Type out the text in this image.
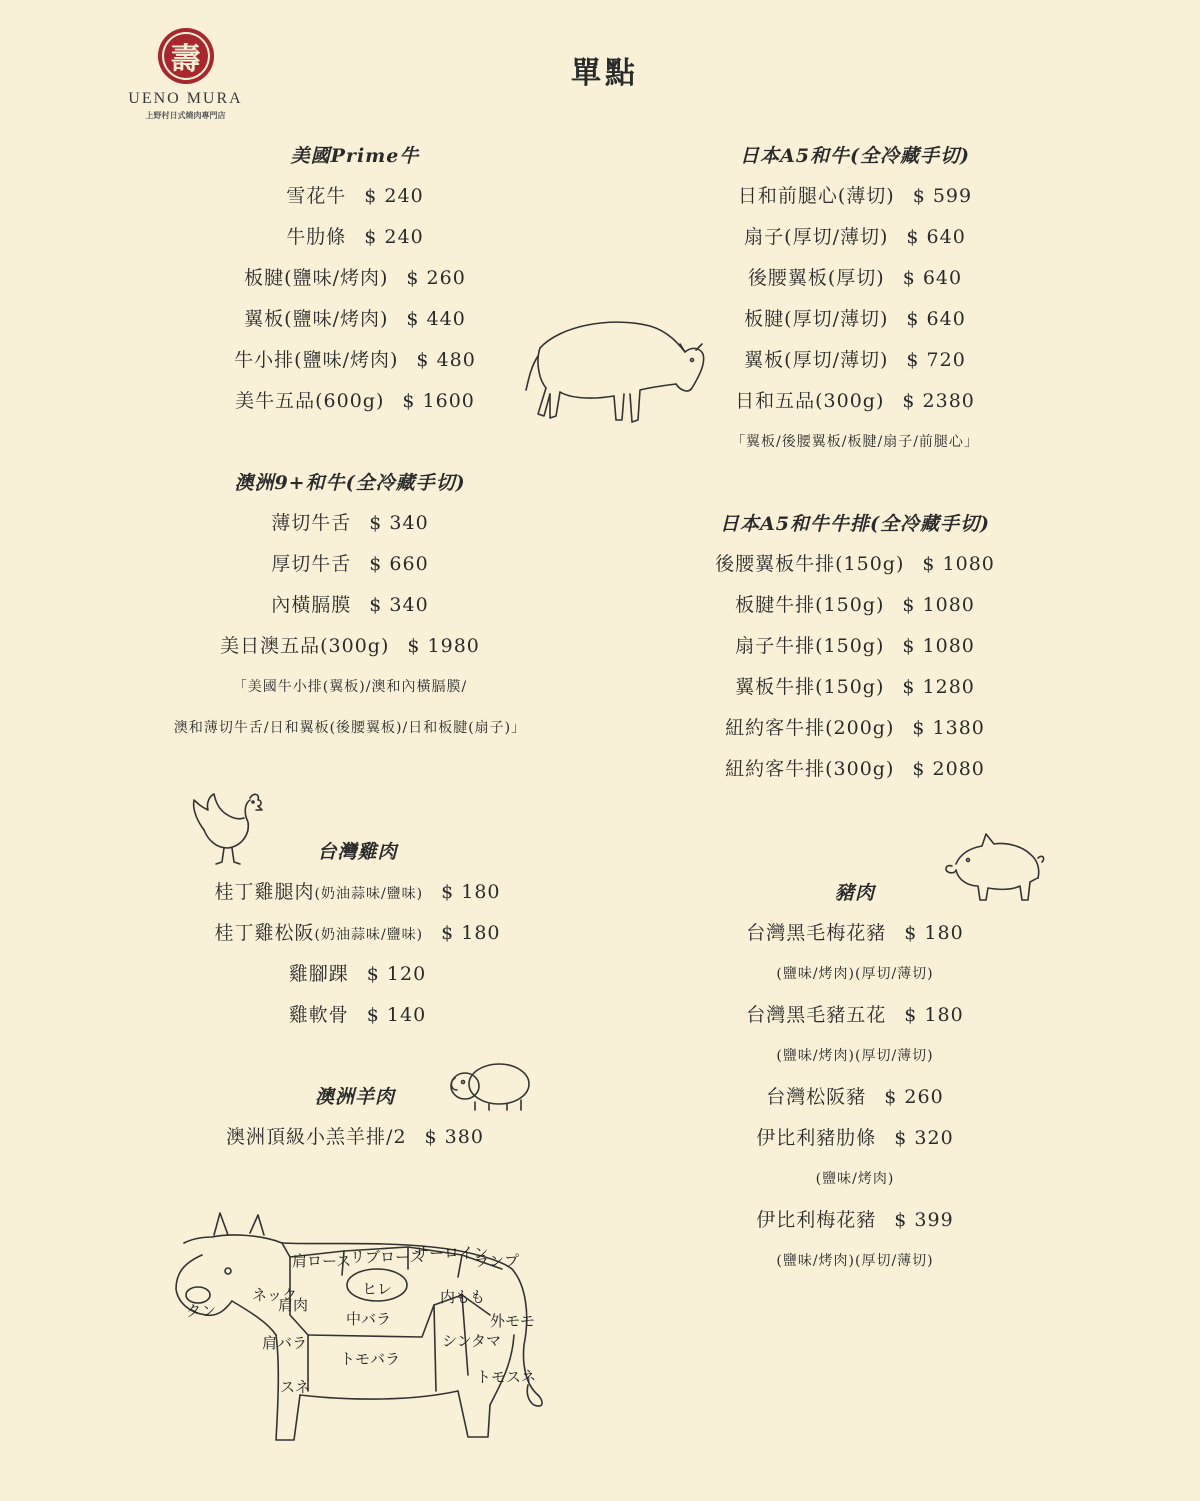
壽
UENO MURA
上野村日式燒肉專門店
單點
美國Prime牛
雪花牛 $ 240
牛肋條 $ 240
板腱(鹽味/烤肉) $ 260
翼板(鹽味/烤肉) $ 440
牛小排(鹽味/烤肉) $ 480
美牛五品(600g) $ 1600
澳洲9+和牛(全冷藏手切)
薄切牛舌 $ 340
厚切牛舌 $ 660
內橫膈膜 $ 340
美日澳五品(300g) $ 1980
「美國牛小排(翼板)/澳和內橫膈膜/
澳和薄切牛舌/日和翼板(後腰翼板)/日和板腱(扇子)」
日本A5和牛(全冷藏手切)
日和前腿心(薄切) $ 599
扇子(厚切/薄切) $ 640
後腰翼板(厚切) $ 640
板腱(厚切/薄切) $ 640
翼板(厚切/薄切) $ 720
日和五品(300g) $ 2380
「翼板/後腰翼板/板腱/扇子/前腿心」
日本A5和牛牛排(全冷藏手切)
後腰翼板牛排(150g) $ 1080
板腱牛排(150g) $ 1080
扇子牛排(150g) $ 1080
翼板牛排(150g) $ 1280
紐約客牛排(200g) $ 1380
紐約客牛排(300g) $ 2080
台灣雞肉
桂丁雞腿肉(奶油蒜味/鹽味) $ 180
桂丁雞松阪(奶油蒜味/鹽味) $ 180
雞腳踝 $ 120
雞軟骨 $ 140
澳洲羊肉
澳洲頂級小羔羊排/2 $ 380
豬肉
台灣黑毛梅花豬 $ 180
(鹽味/烤肉)(厚切/薄切)
台灣黑毛豬五花 $ 180
(鹽味/烤肉)(厚切/薄切)
台灣松阪豬 $ 260
伊比利豬肋條 $ 320
(鹽味/烤肉)
伊比利梅花豬 $ 399
(鹽味/烤肉)(厚切/薄切)
肩ロース
リブロース
サーロイン
ランプ
ネック
肩肉
ヒレ
中バラ
内もも
外モモ
肩バラ
トモバラ
シンタマ
トモスネ
スネ
タン
